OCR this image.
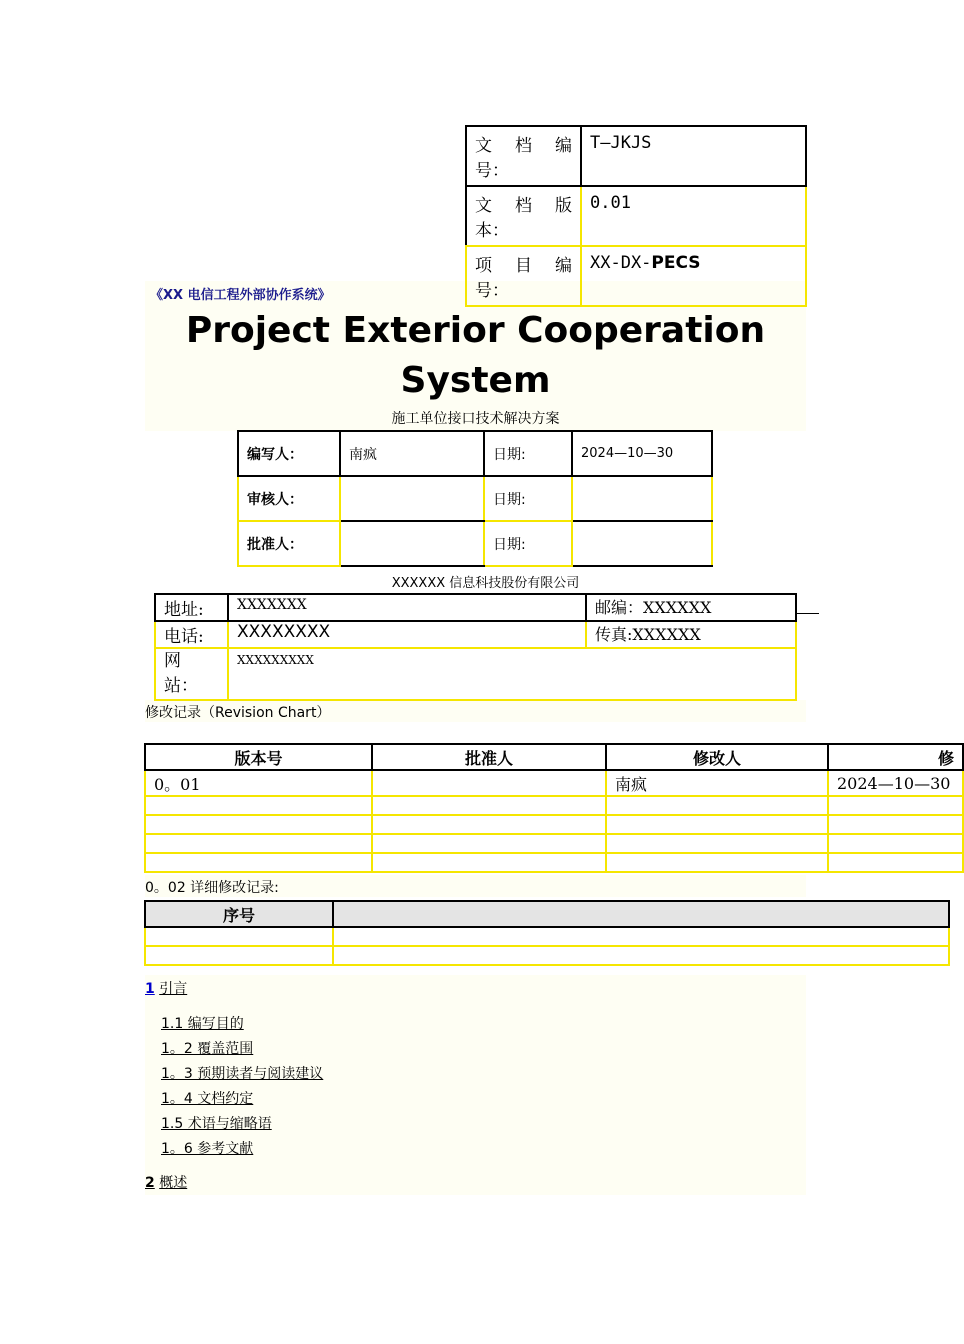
文 档 编
号：	T—JKJS

文 档 版
本：	0.01

项 目 编
号：	XX-DX-PECS
《XX 电信工程外部协作系统》
Project Exterior Cooperation
System
施工单位接口技术解决方案
编写人：	南疯	日期:	2024—10—30
审核人：		日期:	
批准人：		日期:	
XXXXXX 信息科技股份有限公司
地址:	XXXXXXX	邮编：XXXXXX
电话:	XXXXXXXX	传真:XXXXXX

网
站：	XXXXXXXXX	
修改记录（Revision Chart）
版本号	批准人	修改人	修
0。01		南疯	2024—10—30

0。02 详细修改记录:
序号	

1 引言
1.1 编写目的
1。2 覆盖范围
1。3 预期读者与阅读建议
1。4 文档约定
1.5 术语与缩略语
1。6 参考文献
2 概述
